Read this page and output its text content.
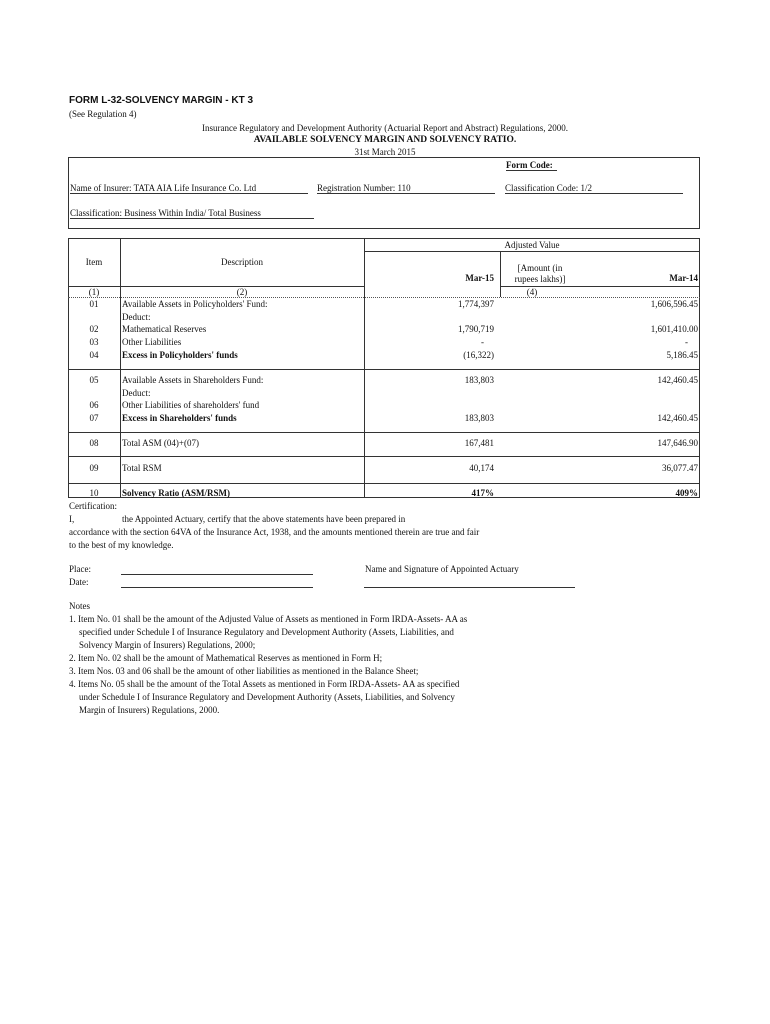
FORM L-32-SOLVENCY MARGIN - KT 3
(See Regulation 4)
Insurance Regulatory and Development Authority (Actuarial Report and Abstract) Regulations, 2000.
AVAILABLE SOLVENCY MARGIN AND SOLVENCY RATIO.
31st March 2015
Form Code:
Name of Insurer: TATA AIA Life Insurance Co. Ltd	Registration Number: 110	Classification Code: 1/2
Classification: Business Within India/ Total Business
Item	Description
Adjusted Value
Mar-15
[Amount (in
rupees lakhs)]	Mar-14
(1)	(2)	(4)
01	Available Assets in Policyholders' Fund:	1,774,397	1,606,596.45
Deduct:
02	Mathematical Reserves	1,790,719	1,601,410.00
03	Other Liabilities	-	-
04	Excess in Policyholders' funds	(16,322)	5,186.45
05	Available Assets in Shareholders Fund:	183,803	142,460.45
Deduct:
06	Other Liabilities of shareholders' fund
07	Excess in Shareholders' funds	183,803	142,460.45
08	Total ASM (04)+(07)	167,481	147,646.90
09	Total RSM	40,174	36,077.47
10	Solvency Ratio (ASM/RSM)	417%	409%
Certification:
I,	the Appointed Actuary, certify that the above statements have been prepared in
accordance with the section 64VA of the Insurance Act, 1938, and the amounts mentioned therein are true and fair
to the best of my knowledge.
Place:
Date:
Name and Signature of Appointed Actuary
Notes
1. Item No. 01 shall be the amount of the Adjusted Value of Assets as mentioned in Form IRDA-Assets- AA as
specified under Schedule I of Insurance Regulatory and Development Authority (Assets, Liabilities, and
Solvency Margin of Insurers) Regulations, 2000;
2. Item No. 02 shall be the amount of Mathematical Reserves as mentioned in Form H;
3. Item Nos. 03 and 06 shall be the amount of other liabilities as mentioned in the Balance Sheet;
4. Items No. 05 shall be the amount of the Total Assets as mentioned in Form IRDA-Assets- AA as specified
under Schedule I of Insurance Regulatory and Development Authority (Assets, Liabilities, and Solvency
Margin of Insurers) Regulations, 2000.
